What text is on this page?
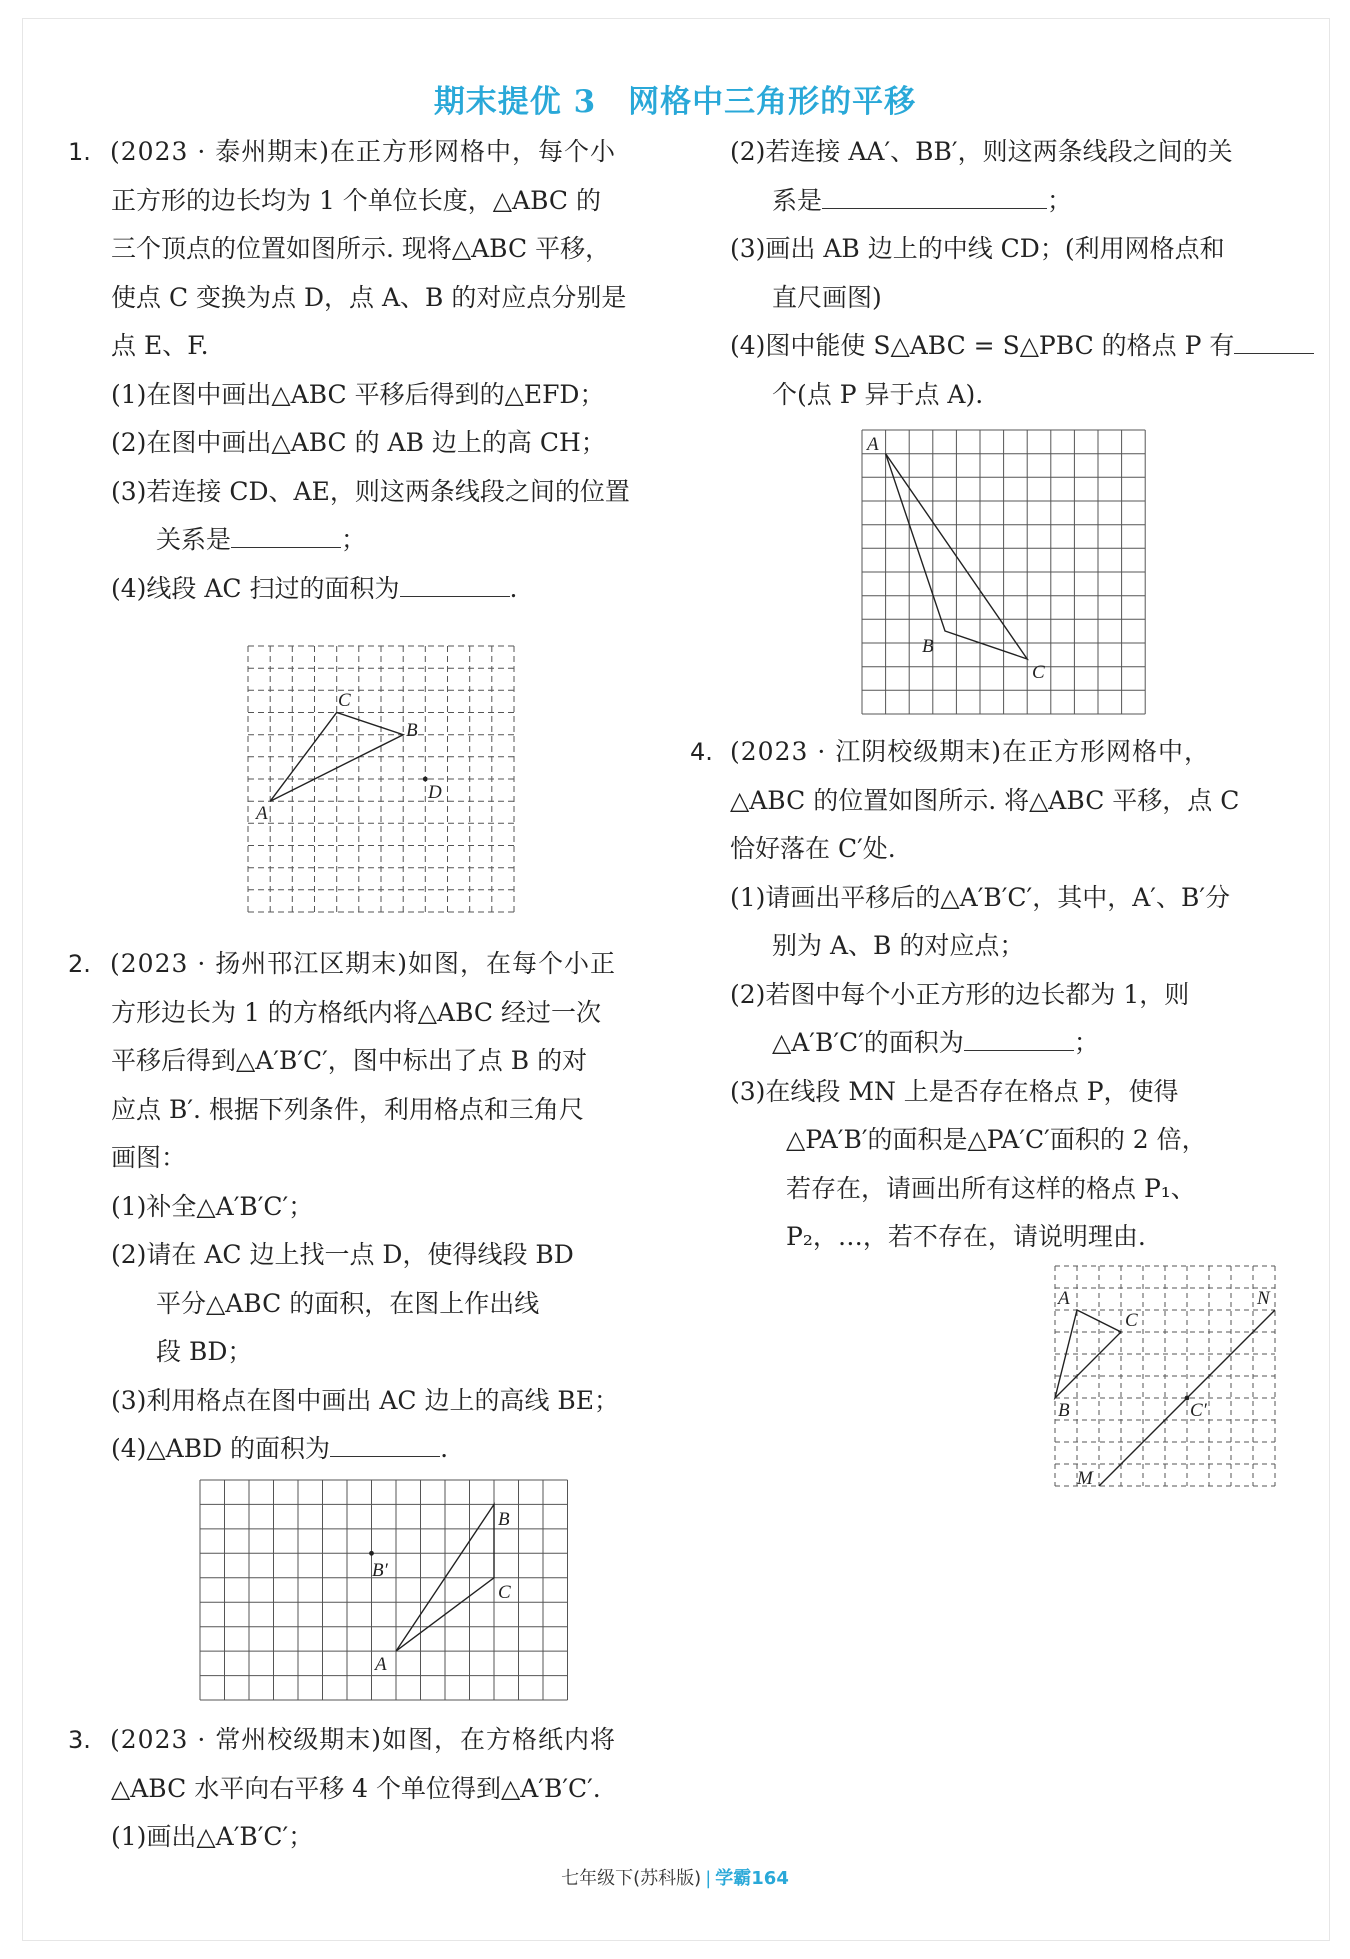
期末提优 3　网格中三角形的平移
1. (2023 · 泰州期末)在正方形网格中，每个小
正方形的边长均为 1 个单位长度，△ABC 的
三个顶点的位置如图所示. 现将△ABC 平移，
使点 C 变换为点 D，点 A、B 的对应点分别是
点 E、F.
(1)在图中画出△ABC 平移后得到的△EFD；
(2)在图中画出△ABC 的 AB 边上的高 CH；
(3)若连接 CD、AE，则这两条线段之间的位置
关系是	；
(4)线段 AC 扫过的面积为	.
A
C
B
D
2. (2023 · 扬州邗江区期末)如图，在每个小正
方形边长为 1 的方格纸内将△ABC 经过一次
平移后得到△A′B′C′，图中标出了点 B 的对
应点 B′. 根据下列条件，利用格点和三角尺
画图：
(1)补全△A′B′C′；
(2)请在 AC 边上找一点 D，使得线段 BD
平分△ABC 的面积，在图上作出线
段 BD；
(3)利用格点在图中画出 AC 边上的高线 BE；
(4)△ABD 的面积为	.
A
B
C
B′
3. (2023 · 常州校级期末)如图，在方格纸内将
△ABC 水平向右平移 4 个单位得到△A′B′C′.
(1)画出△A′B′C′；
(2)若连接 AA′、BB′，则这两条线段之间的关
系是	；
(3)画出 AB 边上的中线 CD；(利用网格点和
直尺画图)
(4)图中能使 S△ABC = S△PBC 的格点 P 有
个(点 P 异于点 A).
A
B
C
4. (2023 · 江阴校级期末)在正方形网格中，
△ABC 的位置如图所示. 将△ABC 平移，点 C
恰好落在 C′处.
(1)请画出平移后的△A′B′C′，其中，A′、B′分
别为 A、B 的对应点；
(2)若图中每个小正方形的边长都为 1，则
△A′B′C′的面积为	；
(3)在线段 MN 上是否存在格点 P，使得
△PA′B′的面积是△PA′C′面积的 2 倍，
若存在，请画出所有这样的格点 P₁、
P₂，…，若不存在，请说明理由.
A
C
B	C′
M
N
七年级下(苏科版) | 学霸164
